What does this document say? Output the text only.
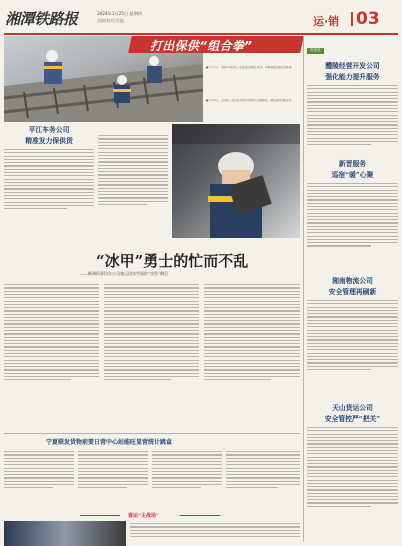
湘潭铁路报	2024年1月25日 星期四
责编/校对/美编	运·销 03
打出保供“组合拳”
■1月17日，湘潭车务段职工在道岔区域清扫积雪，保障铁路运输安全畅通。
■1月22日，货运职工在站台对装车货物进行加固检查，确保货物运输安全。
平江车务公司
精准发力保供货
“冰甲”勇士的忙而不乱
——株洲机务段办公司客运段冰雪保供“攻坚”侧记
短消息
醴陵经营开发公司
强化能力提升服务
新晋服务
巡宿“暖”心聚
湘南物流公司
安全管理再刷新
天山货运公司
安全管控严“把关”
宁夏联发货物前要日营中心站能旺显营统计跳盒
春运“主战场”
